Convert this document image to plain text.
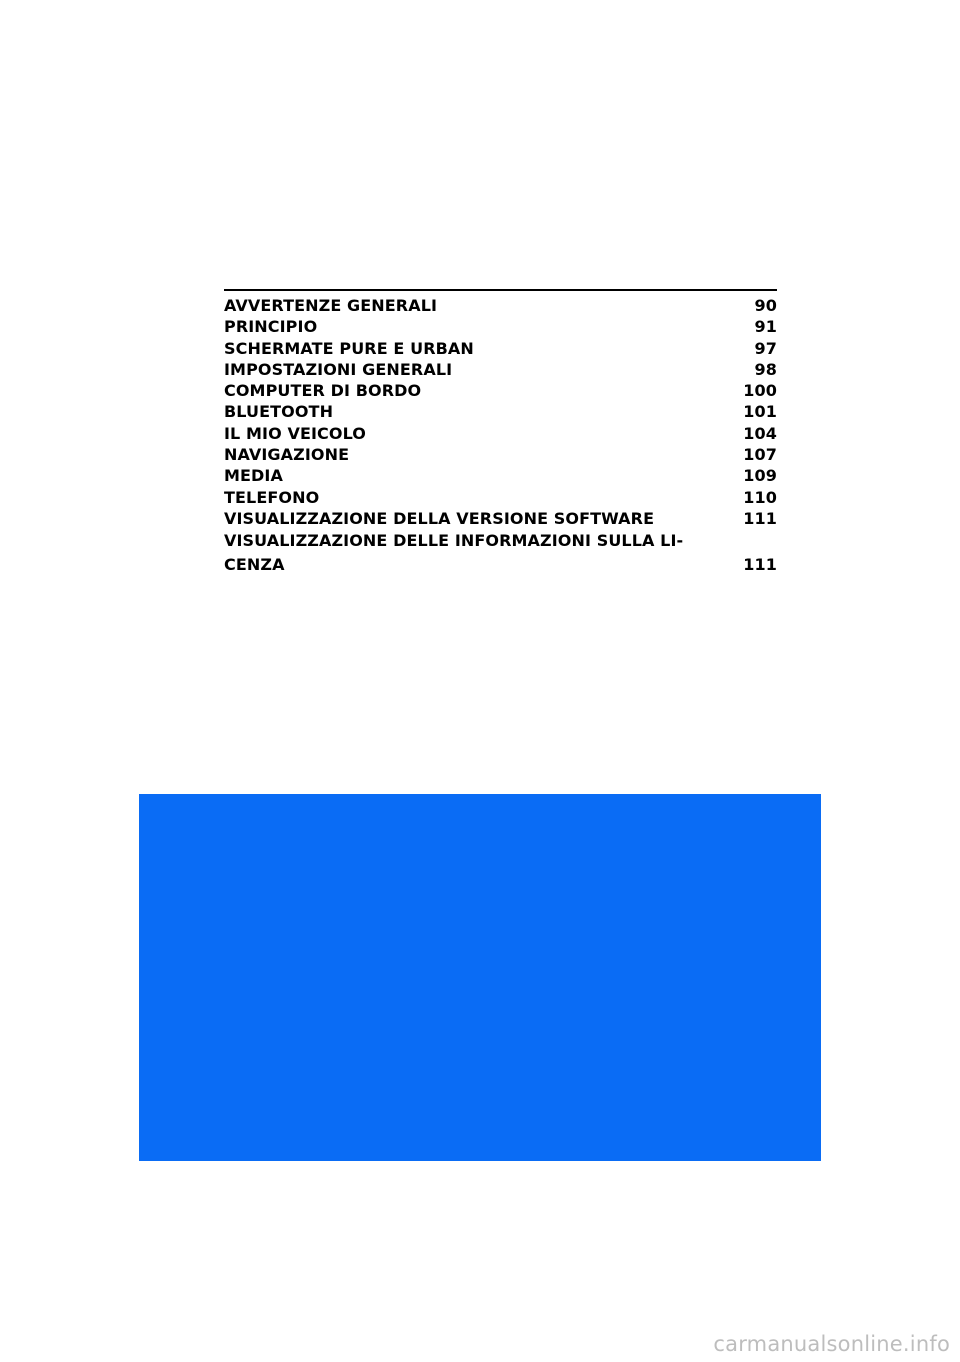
AVVERTENZE GENERALI	90
PRINCIPIO	91
SCHERMATE PURE E URBAN	97
IMPOSTAZIONI GENERALI	98
COMPUTER DI BORDO	100
BLUETOOTH	101
IL MIO VEICOLO	104
NAVIGAZIONE	107
MEDIA	109
TELEFONO	110
VISUALIZZAZIONE DELLA VERSIONE SOFTWARE	111
VISUALIZZAZIONE DELLE INFORMAZIONI SULLA LI-
CENZA	111
carmanualsonline.info
